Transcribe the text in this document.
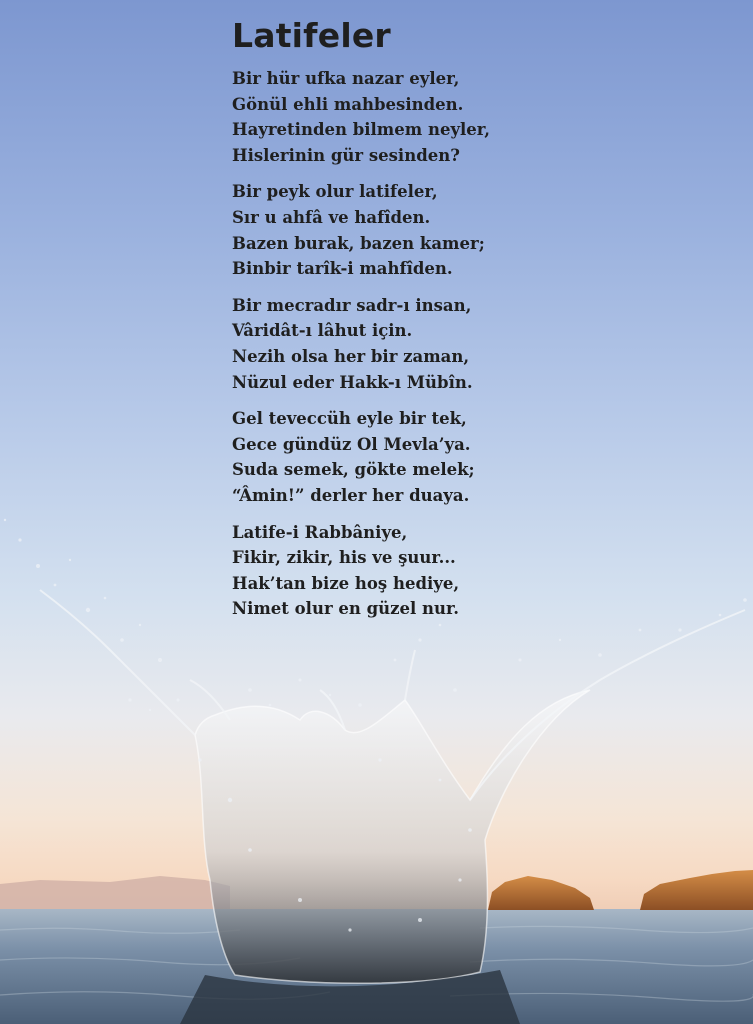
Latifeler
Bir hür ufka nazar eyler,
Gönül ehli mahbesinden.
Hayretinden bilmem neyler,
Hislerinin gür sesinden?
Bir peyk olur latifeler,
Sır u ahfâ ve hafîden.
Bazen burak, bazen kamer;
Binbir tarîk-i mahfîden.
Bir mecradır sadr-ı insan,
Vâridât-ı lâhut için.
Nezih olsa her bir zaman,
Nüzul eder Hakk-ı Mübîn.
Gel teveccüh eyle bir tek,
Gece gündüz Ol Mevla’ya.
Suda semek, gökte melek;
“Âmin!” derler her duaya.
Latife-i Rabbâniye,
Fikir, zikir, his ve şuur...
Hak’tan bize hoş hediye,
Nimet olur en güzel nur.
